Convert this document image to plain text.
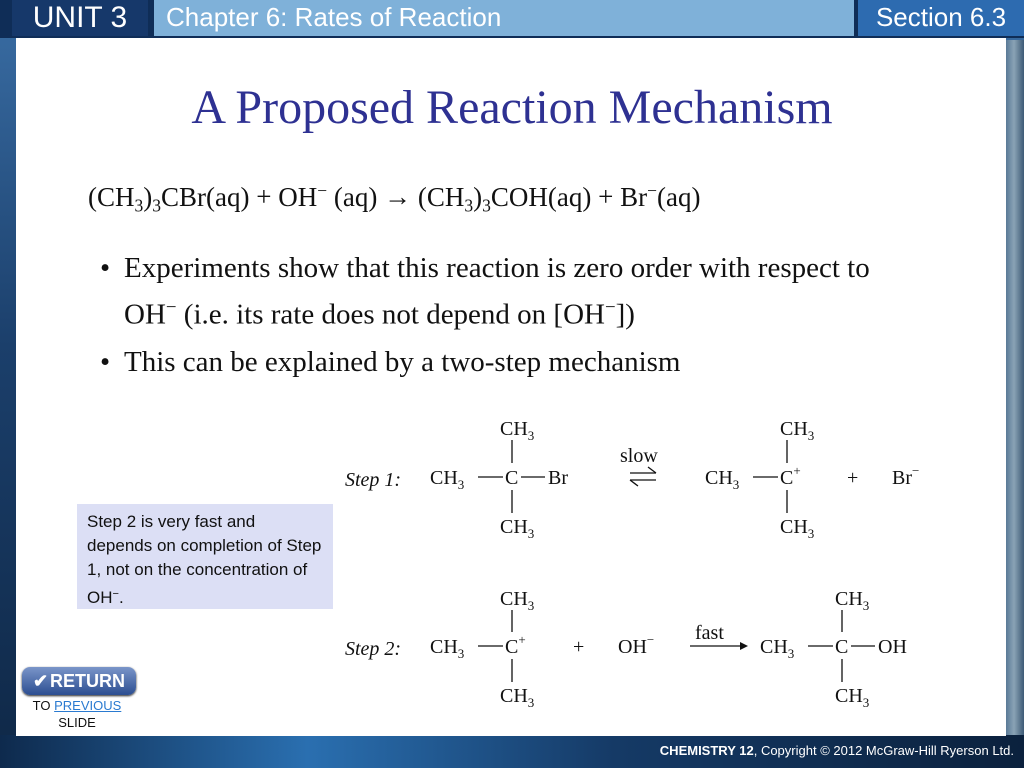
UNIT 3	Chapter 6: Rates of Reaction	Section 6.3
A Proposed Reaction Mechanism
$(CH_3)_3CBr(aq) + OH^-$ $(aq) \to (CH_3)_3COH(aq) + Br^-(aq)$
• Experiments show that this reaction is zero order with respect to OH− (i.e. its rate does not depend on [OH−])
• This can be explained by a two-step mechanism
Step 1: $CH_3$ C Br
$CH_3$
$CH_3$
slow
$CH_3$ C+
$CH_3$
$CH_3$
+ Br−
Step 2: $CH_3$ C+
$CH_3$
$CH_3$
+ OH− fast
$CH_3$ C OH
$CH_3$
$CH_3$
Step 2 is very fast and depends on completion of Step 1, not on the concentration of OH−.
✔ RETURN
TO PREVIOUS
SLIDE
CHEMISTRY 12, Copyright © 2012 McGraw-Hill Ryerson Ltd.
